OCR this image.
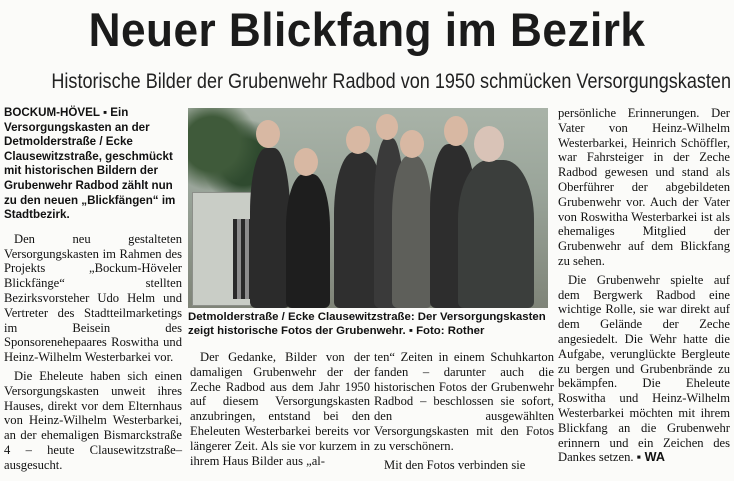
Neuer Blickfang im Bezirk
Historische Bilder der Grubenwehr Radbod von 1950 schmücken Versorgungskasten

BOCKUM-HÖVEL ▪ Ein Versorgungskasten an der Detmolderstraße / Ecke Clausewitzstraße, geschmückt mit historischen Bildern der Grubenwehr Radbod zählt nun zu den neuen „Blickfängen“ im Stadtbezirk.

Den neu gestalteten Versorgungskasten im Rahmen des Projekts „Bockum-Höveler Blickfänge“ stellten Bezirksvorsteher Udo Helm und Vertreter des Stadtteilmarketings im Beisein des Sponsorenehepaares Roswitha und Heinz-Wilhelm Westerbarkei vor.

Die Eheleute haben sich einen Versorgungskasten unweit ihres Hauses, direkt vor dem Elternhaus von Heinz-Wilhelm Westerbarkei, an der ehemaligen Bismarckstraße 4 – heute Clausewitzstraße– ausgesucht.

Detmolderstraße / Ecke Clausewitzstraße: Der Versorgungskasten zeigt historische Fotos der Grubenwehr. ▪ Foto: Rother

Der Gedanke, Bilder von der damaligen Grubenwehr der der Zeche Radbod aus dem Jahr 1950 auf diesem Versorgungskasten anzubringen, entstand bei den Eheleuten Westerbarkei bereits vor längerer Zeit. Als sie vor kurzem in ihrem Haus Bilder aus „al-

ten“ Zeiten in einem Schuhkarton fanden – darunter auch die historischen Fotos der Grubenwehr Radbod – beschlossen sie sofort, den ausgewählten Versorgungskasten mit den Fotos zu verschönern.

Mit den Fotos verbinden sie

persönliche Erinnerungen. Der Vater von Heinz-Wilhelm Westerbarkei, Heinrich Schöffler, war Fahrsteiger in der Zeche Radbod gewesen und stand als Oberführer der abgebildeten Grubenwehr vor. Auch der Vater von Roswitha Westerbarkei ist als ehemaliges Mitglied der Grubenwehr auf dem Blickfang zu sehen.

Die Grubenwehr spielte auf dem Bergwerk Radbod eine wichtige Rolle, sie war direkt auf dem Gelände der Zeche angesiedelt. Die Wehr hatte die Aufgabe, verunglückte Bergleute zu bergen und Grubenbrände zu bekämpfen. Die Eheleute Roswitha und Heinz-Wilhelm Westerbarkei möchten mit ihrem Blickfang an die Grubenwehr erinnern und ein Zeichen des Dankes setzen. ▪ WA
